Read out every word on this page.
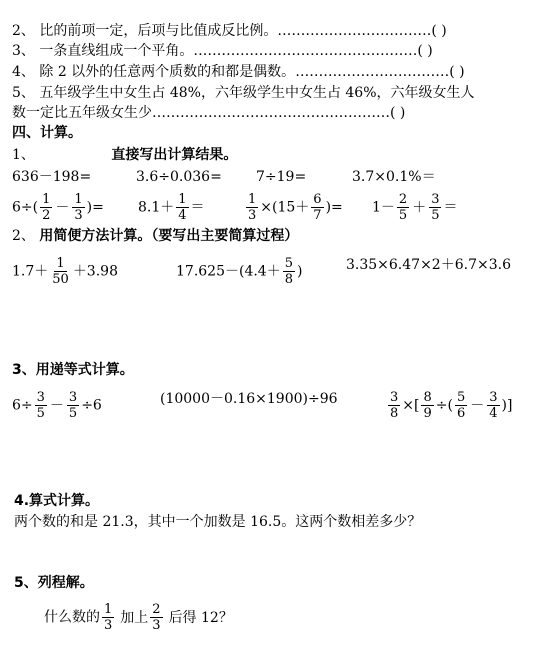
2、 比的前项一定，后项与比值成反比例。……………………………( )
3、 一条直线组成一个平角。…………………………………………( )
4、 除 2 以外的任意两个质数的和都是偶数。……………………………( )
5、 五年级学生中女生占 48%，六年级学生中女生占 46%，六年级女生人
数一定比五年级女生少……………………………………………( )
四、计算。
1、	直接写出计算结果。
636－198=	3.6÷0.036= 7÷19=	3.7×0.1%＝
$6\div( \frac{1}{2} - \frac{1}{3}$ )= $8.1+ \frac{1}{4}$ ＝	$\frac{1}{3} \times(15+ \frac{6}{7}$ )= $1- \frac{2}{5} + \frac{3}{5}$ ＝
2、 用简便方法计算。（要写出主要简算过程）
$1.7+ \frac{1}{50} +3.98$	$17.625-(4.4+ \frac{5}{8}$ )	3.35×6.47×2＋6.7×3.6
3、用递等式计算。
$6\div \frac{3}{5} - \frac{3}{5} \div 6$	(10000－0.16×1900)÷96	$\frac{3}{8}$ ×[ $\frac{8}{9}$ ÷( $\frac{5}{6} - \frac{3}{4}$ )]
4.算式计算。
两个数的和是 21.3，其中一个加数是 16.5。这两个数相差多少？
5、列程解。
什么数的 $\frac{1}{3}$ 加上 $\frac{2}{3}$ 后得 12？
